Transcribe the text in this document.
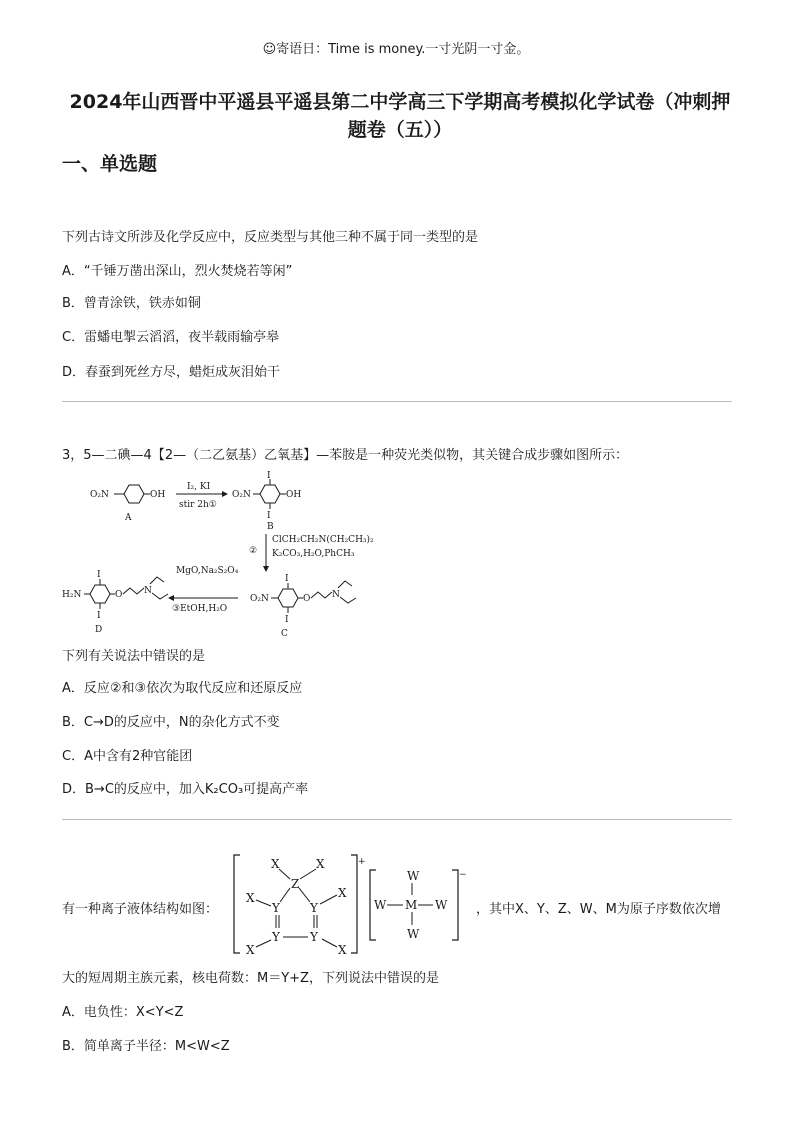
☺寄语日：Time is money.一寸光阴一寸金。
2024年山西晋中平遥县平遥县第二中学高三下学期高考模拟化学试卷（冲刺押
题卷（五））
一、单选题
下列古诗文所涉及化学反应中，反应类型与其他三种不属于同一类型的是
A．“千锤万凿出深山，烈火焚烧若等闲”
B．曾青涂铁，铁赤如铜
C．雷蟠电掣云滔滔，夜半载雨输亭皋
D．春蚕到死丝方尽，蜡炬成灰泪始干
3，5—二碘—4【2—（二乙氨基）乙氧基】—苯胺是一种荧光类似物，其关键合成步骤如图所示：
O₂N	OH
A
I₂, KI
stir 2h①
O₂N	OH
I
I
B
②
ClCH₂CH₂N(CH₂CH₃)₂
K₂CO₃,H₂O,PhCH₃
O₂N
I
I
O N
C
MgO,Na₂S₂O₄
③EtOH,H₂O
H₂N
I
I
O N
D
下列有关说法中错误的是
A．反应②和③依次为取代反应和还原反应
B．C→D的反应中，N的杂化方式不变
C．A中含有2种官能团
D．B→C的反应中，加入K₂CO₃可提高产率
有一种离子液体结构如图：
+
Z
X	X
Y	Y
X	X
Y	Y
X	X
−
W
W M W
W
，其中X、Y、Z、W、M为原子序数依次增
大的短周期主族元素，核电荷数：M＝Y+Z，下列说法中错误的是
A．电负性：X<Y<Z
B．简单离子半径：M<W<Z
